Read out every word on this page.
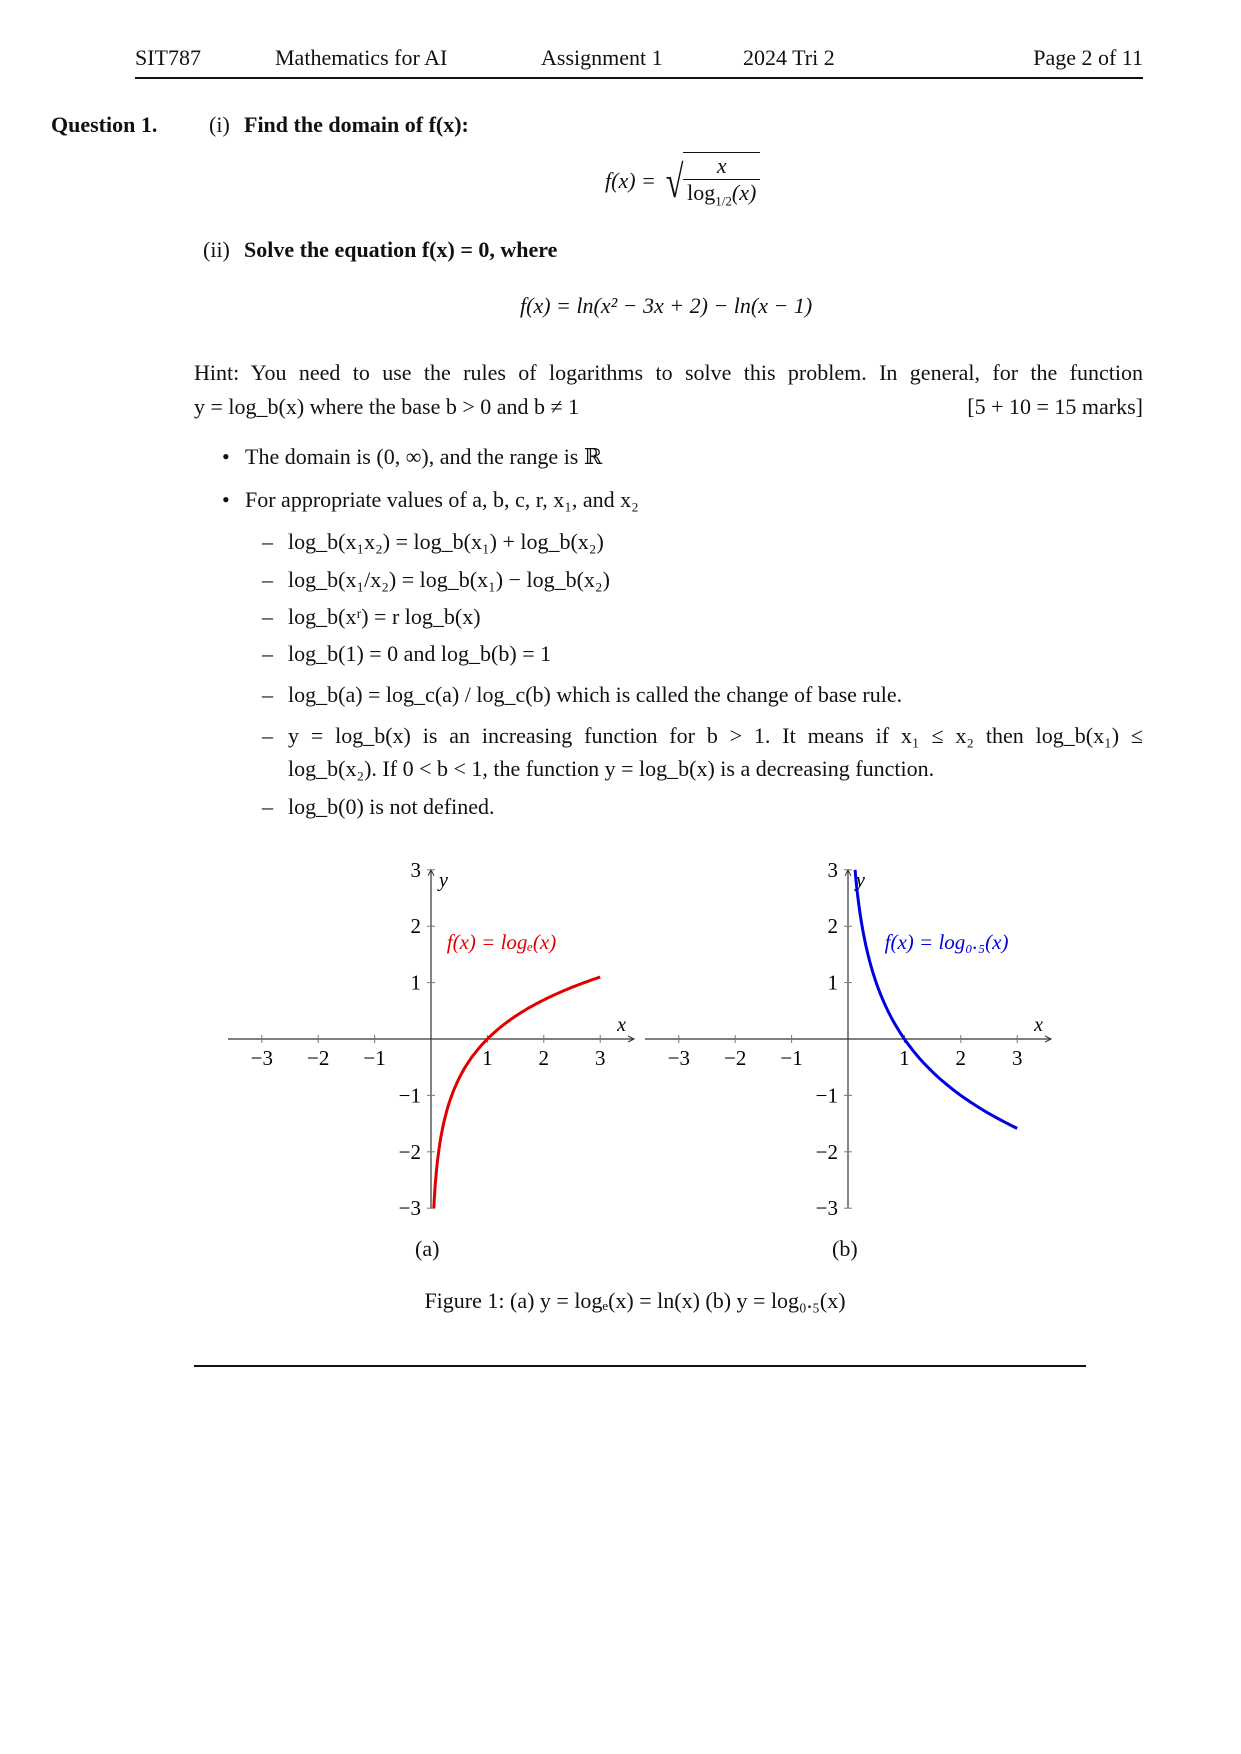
SIT787	Mathematics for AI	Assignment 1	2024 Tri 2	Page 2 of 11
Question 1. (i) Find the domain of f(x):
f(x) = √ $\frac{x}{\log_{1/2}(x)}$
(ii) Solve the equation f(x) = 0, where
f(x) = ln(x² − 3x + 2) − ln(x − 1)
Hint: You need to use the rules of logarithms to solve this problem. In general, for the function
y = log_b(x) where the base b > 0 and b ≠ 1	[5 + 10 = 15 marks]
• The domain is (0, ∞), and the range is ℝ
• For appropriate values of a, b, c, r, x₁, and x₂
– log_b(x₁x₂) = log_b(x₁) + log_b(x₂)
– log_b(x₁/x₂) = log_b(x₁) − log_b(x₂)
– log_b(xʳ) = r log_b(x)
– log_b(1) = 0 and log_b(b) = 1
– log_b(a) = log_c(a) / log_c(b) which is called the change of base rule.
– y = log_b(x) is an increasing function for b > 1. It means if x₁ ≤ x₂ then log_b(x₁) ≤
log_b(x₂). If 0 < b < 1, the function y = log_b(x) is a decreasing function.
– log_b(0) is not defined.
−3 −2 −1	1 2 3
3
2
1
−1
−2
−3
x
y
f(x) = logₑ(x)
−3 −2 −1	1 2 3
3
2
1
−1
−2
−3
x
y
f(x) = log₀.₅(x)
(a)	(b)
Figure 1: (a) y = logₑ(x) = ln(x) (b) y = log₀.₅(x)
